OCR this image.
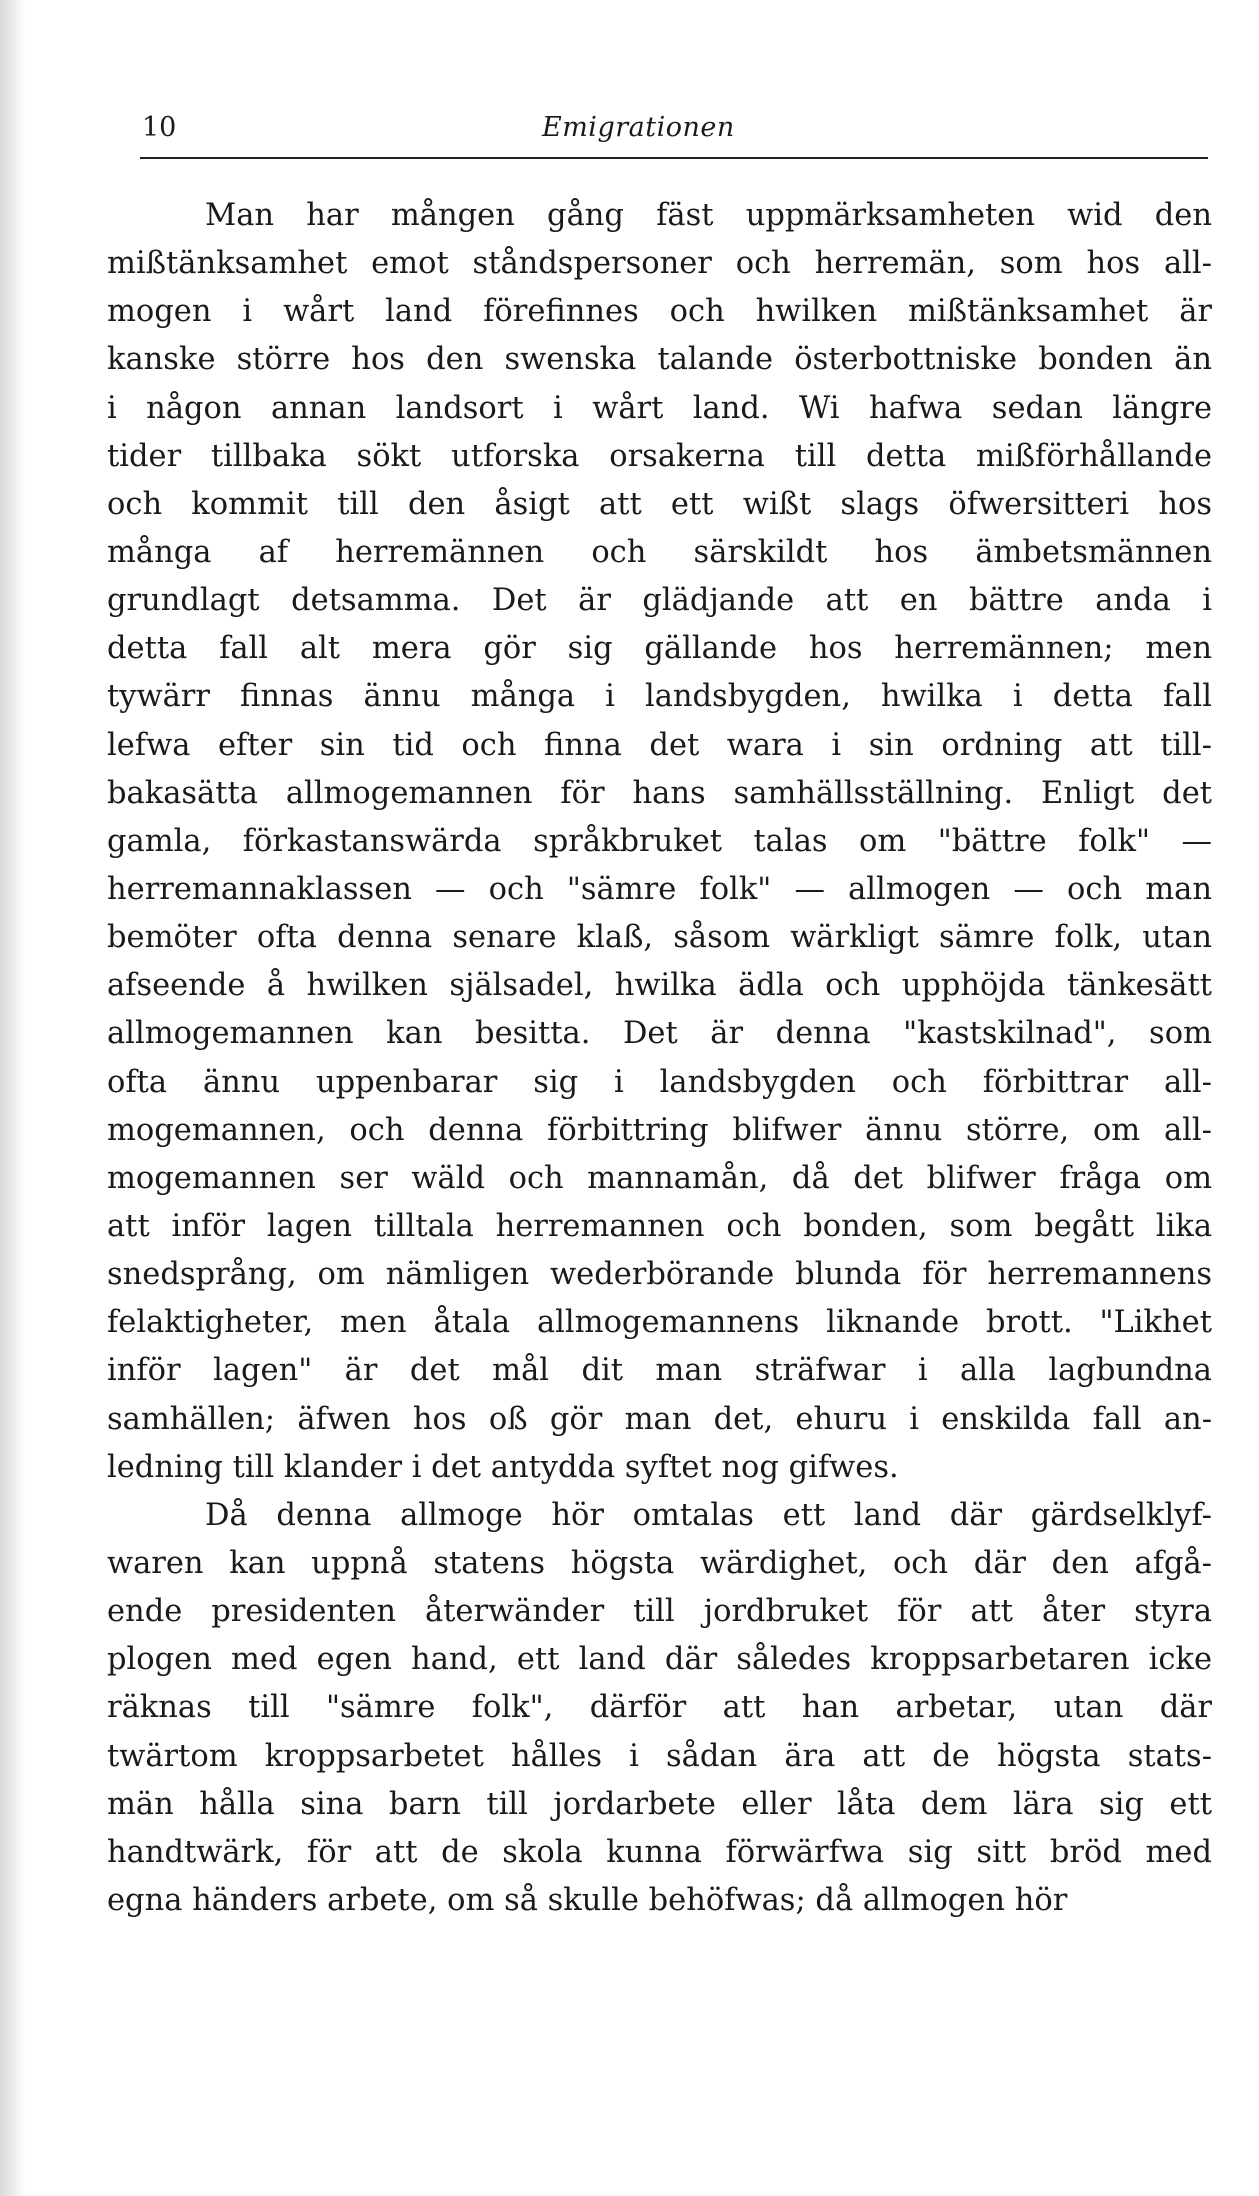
10	Emigrationen
Man har mången gång fäst uppmärksamheten wid den
mißtänksamhet emot ståndspersoner och herremän, som hos all-
mogen i wårt land förefinnes och hwilken mißtänksamhet är
kanske större hos den swenska talande österbottniske bonden än
i någon annan landsort i wårt land. Wi hafwa sedan längre
tider tillbaka sökt utforska orsakerna till detta mißförhållande
och kommit till den åsigt att ett wißt slags öfwersitteri hos
många af herremännen och särskildt hos ämbetsmännen
grundlagt detsamma. Det är glädjande att en bättre anda i
detta fall alt mera gör sig gällande hos herremännen; men
tywärr finnas ännu många i landsbygden, hwilka i detta fall
lefwa efter sin tid och finna det wara i sin ordning att till-
bakasätta allmogemannen för hans samhällsställning. Enligt det
gamla, förkastanswärda språkbruket talas om "bättre folk" —
herremannaklassen — och "sämre folk" — allmogen — och man
bemöter ofta denna senare klaß, såsom wärkligt sämre folk, utan
afseende å hwilken själsadel, hwilka ädla och upphöjda tänkesätt
allmogemannen kan besitta. Det är denna "kastskilnad", som
ofta ännu uppenbarar sig i landsbygden och förbittrar all-
mogemannen, och denna förbittring blifwer ännu större, om all-
mogemannen ser wäld och mannamån, då det blifwer fråga om
att inför lagen tilltala herremannen och bonden, som begått lika
snedsprång, om nämligen wederbörande blunda för herremannens
felaktigheter, men åtala allmogemannens liknande brott. "Likhet
inför lagen" är det mål dit man sträfwar i alla lagbundna
samhällen; äfwen hos oß gör man det, ehuru i enskilda fall an-
ledning till klander i det antydda syftet nog gifwes.
Då denna allmoge hör omtalas ett land där gärdselklyf-
waren kan uppnå statens högsta wärdighet, och där den afgå-
ende presidenten återwänder till jordbruket för att åter styra
plogen med egen hand, ett land där således kroppsarbetaren icke
räknas till "sämre folk", därför att han arbetar, utan där
twärtom kroppsarbetet hålles i sådan ära att de högsta stats-
män hålla sina barn till jordarbete eller låta dem lära sig ett
handtwärk, för att de skola kunna förwärfwa sig sitt bröd med
egna händers arbete, om så skulle behöfwas; då allmogen hör
